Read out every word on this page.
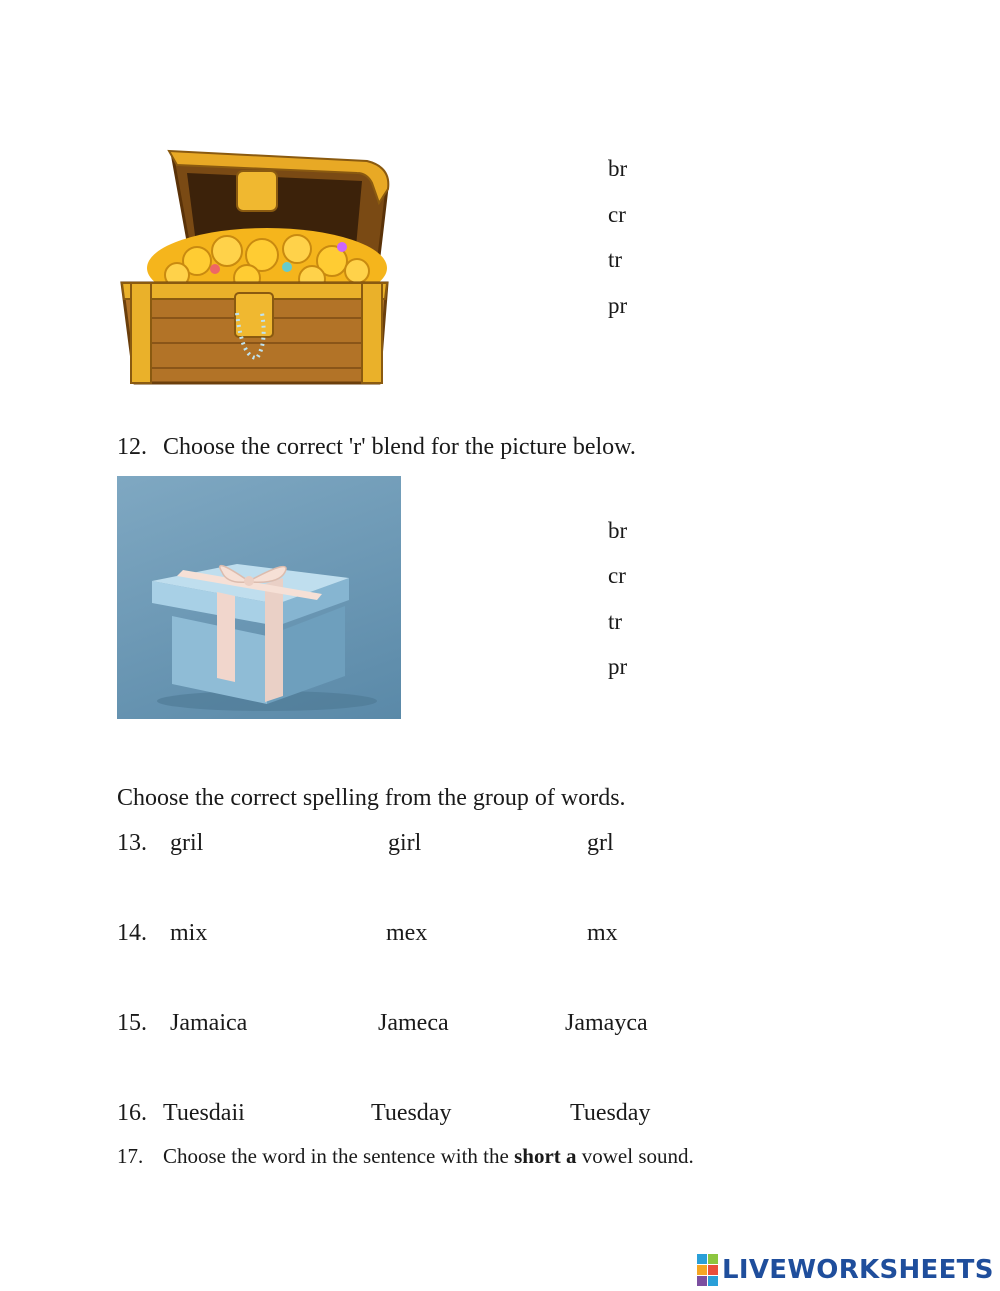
br
cr
tr
pr
12. Choose the correct 'r' blend for the picture below.
br
cr
tr
pr
Choose the correct spelling from the group of words.
13. gril	girl	grl
14. mix	mex	mx
15. Jamaica	Jameca	Jamayca
16. Tuesdaii	Tuesday	Tuesday
17. Choose the word in the sentence with the short a vowel sound.
LIVEWORKSHEETS
